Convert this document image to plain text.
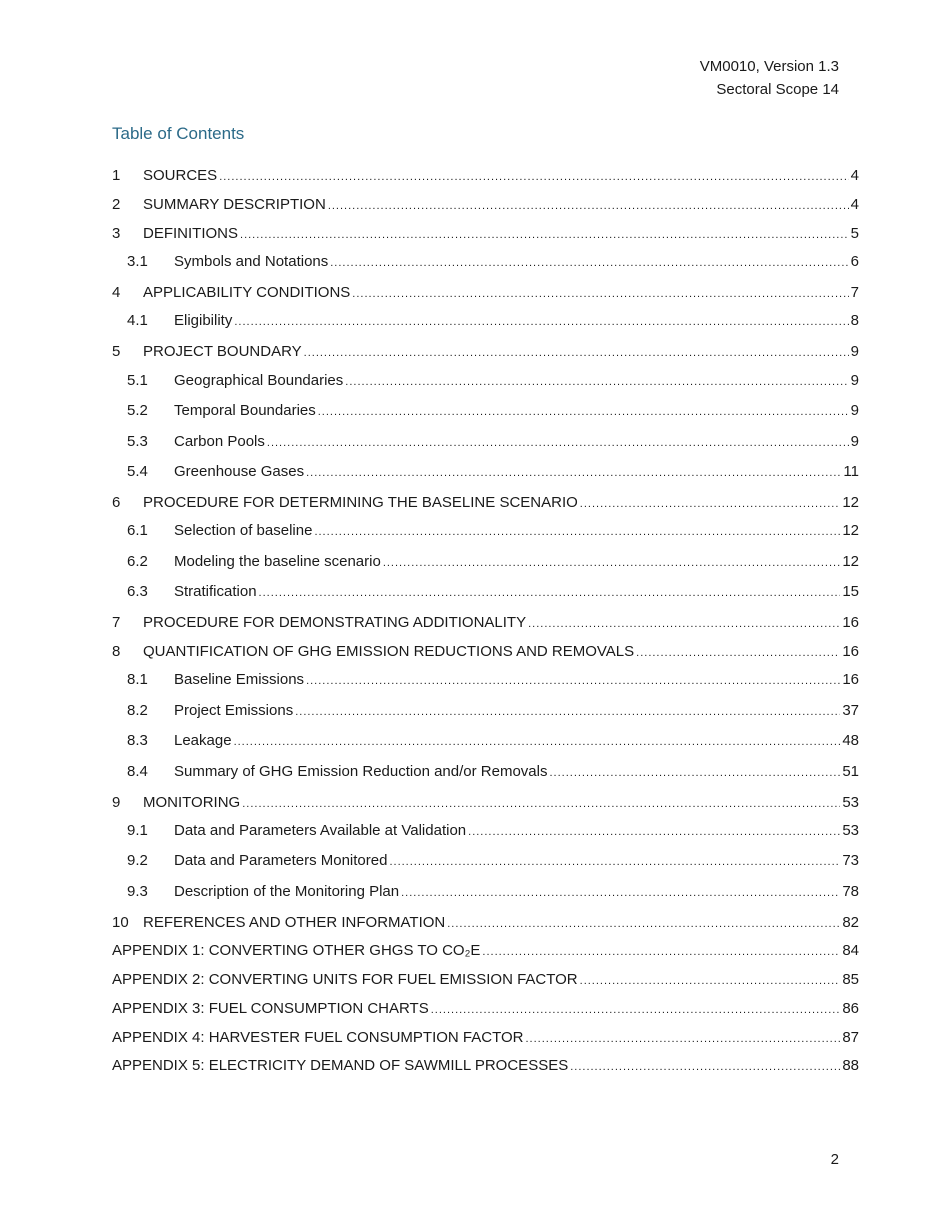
VM0010, Version 1.3
Sectoral Scope 14
Table of Contents
1	SOURCES .....	4
2	SUMMARY DESCRIPTION .....	4
3	DEFINITIONS .....	5
3.1	Symbols and Notations .....	6
4	APPLICABILITY CONDITIONS .....	7
4.1	Eligibility .....	8
5	PROJECT BOUNDARY .....	9
5.1	Geographical Boundaries .....	9
5.2	Temporal Boundaries .....	9
5.3	Carbon Pools .....	9
5.4	Greenhouse Gases .....	11
6	PROCEDURE FOR DETERMINING THE BASELINE SCENARIO .....	12
6.1	Selection of baseline .....	12
6.2	Modeling the baseline scenario .....	12
6.3	Stratification .....	15
7	PROCEDURE FOR DEMONSTRATING ADDITIONALITY .....	16
8	QUANTIFICATION OF GHG EMISSION REDUCTIONS AND REMOVALS .....	16
8.1	Baseline Emissions .....	16
8.2	Project Emissions .....	37
8.3	Leakage .....	48
8.4	Summary of GHG Emission Reduction and/or Removals .....	51
9	MONITORING .....	53
9.1	Data and Parameters Available at Validation .....	53
9.2	Data and Parameters Monitored .....	73
9.3	Description of the Monitoring Plan .....	78
10 REFERENCES AND OTHER INFORMATION .....	82
APPENDIX 1: CONVERTING OTHER GHGS TO CO₂E .....	84
APPENDIX 2: CONVERTING UNITS FOR FUEL EMISSION FACTOR .....	85
APPENDIX 3: FUEL CONSUMPTION CHARTS .....	86
APPENDIX 4: HARVESTER FUEL CONSUMPTION FACTOR .....	87
APPENDIX 5: ELECTRICITY DEMAND OF SAWMILL PROCESSES .....	88
2
